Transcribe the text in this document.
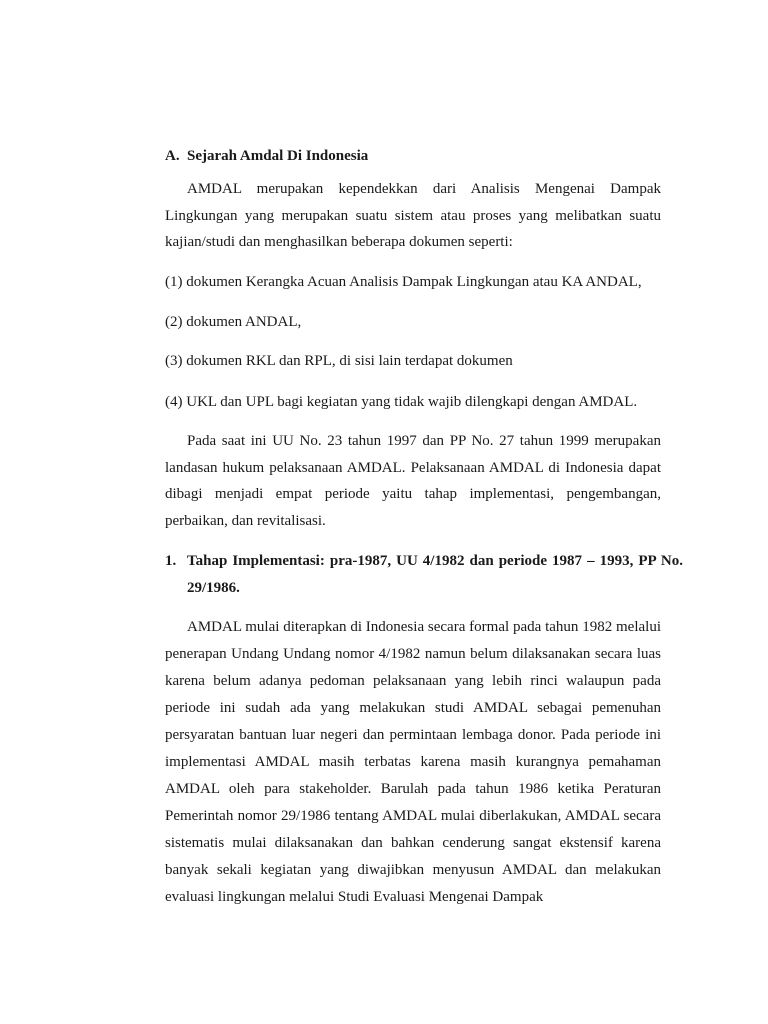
A. Sejarah Amdal Di Indonesia
AMDAL merupakan kependekkan dari Analisis Mengenai Dampak Lingkungan yang merupakan suatu sistem atau proses yang melibatkan suatu kajian/studi dan menghasilkan beberapa dokumen seperti:
(1) dokumen Kerangka Acuan Analisis Dampak Lingkungan atau KA ANDAL,
(2) dokumen ANDAL,
(3) dokumen RKL dan RPL, di sisi lain terdapat dokumen
(4) UKL dan UPL bagi kegiatan yang tidak wajib dilengkapi dengan AMDAL.
Pada saat ini UU No. 23 tahun 1997 dan PP No. 27 tahun 1999 merupakan landasan hukum pelaksanaan AMDAL. Pelaksanaan AMDAL di Indonesia dapat dibagi menjadi empat periode yaitu tahap implementasi, pengembangan, perbaikan, dan revitalisasi.
1. Tahap Implementasi: pra-1987, UU 4/1982 dan periode 1987 – 1993, PP No. 29/1986.
AMDAL mulai diterapkan di Indonesia secara formal pada tahun 1982 melalui penerapan Undang Undang nomor 4/1982 namun belum dilaksanakan secara luas karena belum adanya pedoman pelaksanaan yang lebih rinci walaupun pada periode ini sudah ada yang melakukan studi AMDAL sebagai pemenuhan persyaratan bantuan luar negeri dan permintaan lembaga donor. Pada periode ini implementasi AMDAL masih terbatas karena masih kurangnya pemahaman AMDAL oleh para stakeholder. Barulah pada tahun 1986 ketika Peraturan Pemerintah nomor 29/1986 tentang AMDAL mulai diberlakukan, AMDAL secara sistematis mulai dilaksanakan dan bahkan cenderung sangat ekstensif karena banyak sekali kegiatan yang diwajibkan menyusun AMDAL dan melakukan evaluasi lingkungan melalui Studi Evaluasi Mengenai Dampak
